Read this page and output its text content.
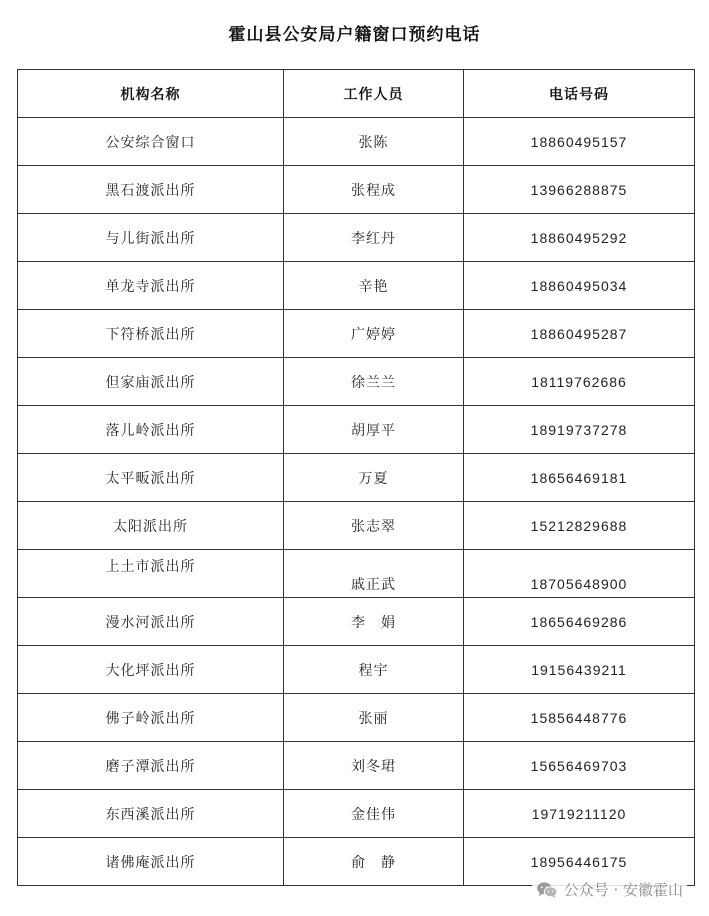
霍山县公安局户籍窗口预约电话
机构名称	工作人员	电话号码
公安综合窗口	张陈	18860495157
黑石渡派出所	张程成	13966288875
与儿街派出所	李红丹	18860495292
单龙寺派出所	辛艳	18860495034
下符桥派出所	广婷婷	18860495287
但家庙派出所	徐兰兰	18119762686
落儿岭派出所	胡厚平	18919737278
太平畈派出所	万夏	18656469181
太阳派出所	张志翠	15212829688
上土市派出所	戚正武	18705648900
漫水河派出所	李　娟	18656469286
大化坪派出所	程宇	19156439211
佛子岭派出所	张丽	15856448776
磨子潭派出所	刘冬珺	15656469703
东西溪派出所	金佳伟	19719211120
诸佛庵派出所	俞　静	18956446175
公众号 · 安徽霍山
